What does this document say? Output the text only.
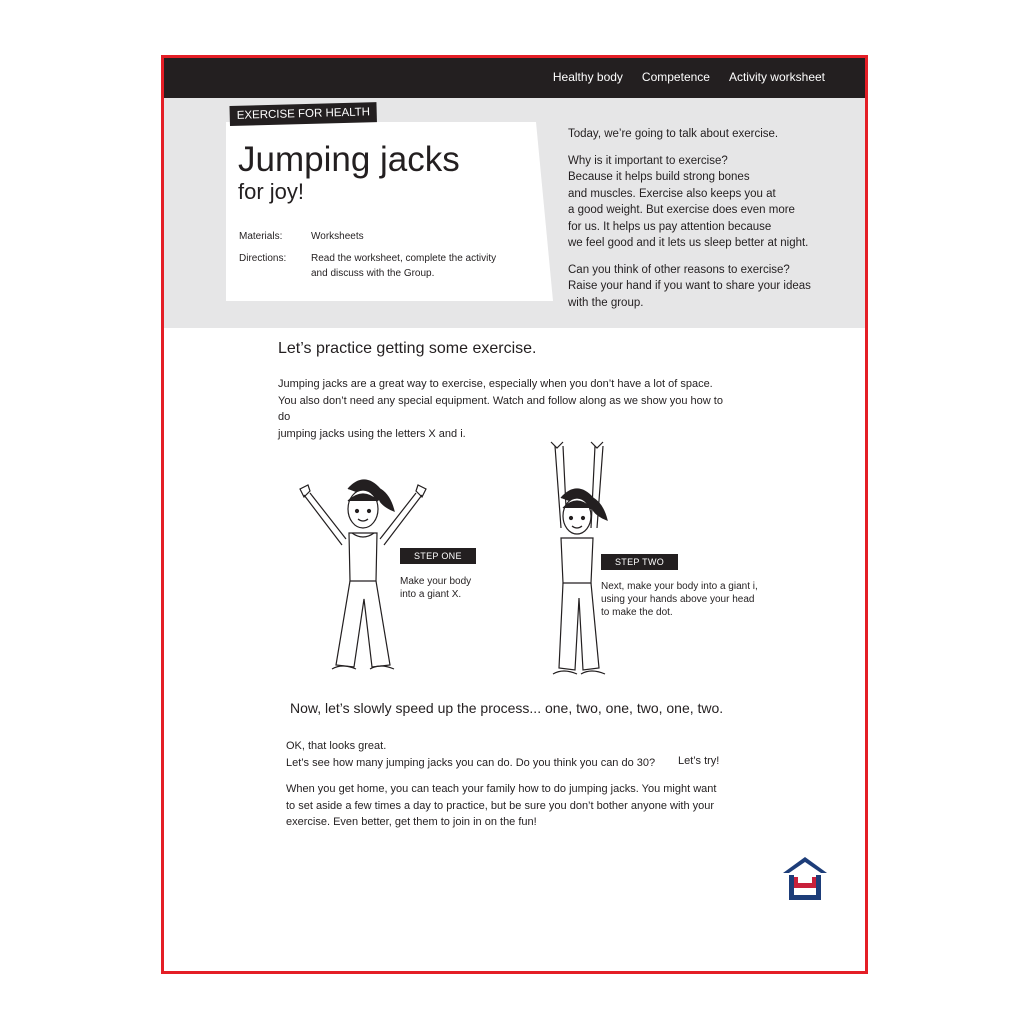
Healthy body Competence Activity worksheet
EXERCISE FOR HEALTH
Jumping jacks
for joy!
Materials:	Worksheets
Directions:	Read the worksheet, complete the activity
and discuss with the Group.

Today, we’re going to talk about exercise.

Why is it important to exercise?
Because it helps build strong bones
and muscles. Exercise also keeps you at
a good weight. But exercise does even more
for us. It helps us pay attention because
we feel good and it lets us sleep better at night.

Can you think of other reasons to exercise?
Raise your hand if you want to share your ideas
with the group.

Let’s practice getting some exercise.

Jumping jacks are a great way to exercise, especially when you don’t have a lot of space.
You also don’t need any special equipment. Watch and follow along as we show you how to do
jumping jacks using the letters X and i.

STEP ONE
Make your body
into a giant X.
STEP TWO
Next, make your body into a giant i,
using your hands above your head
to make the dot.
Now, let’s slowly speed up the process... one, two, one, two, one, two.

OK, that looks great.
Let’s see how many jumping jacks you can do. Do you think you can do 30?

When you get home, you can teach your family how to do jumping jacks. You might want
to set aside a few times a day to practice, but be sure you don’t bother anyone with your
exercise. Even better, get them to join in on the fun!

Let’s try!
